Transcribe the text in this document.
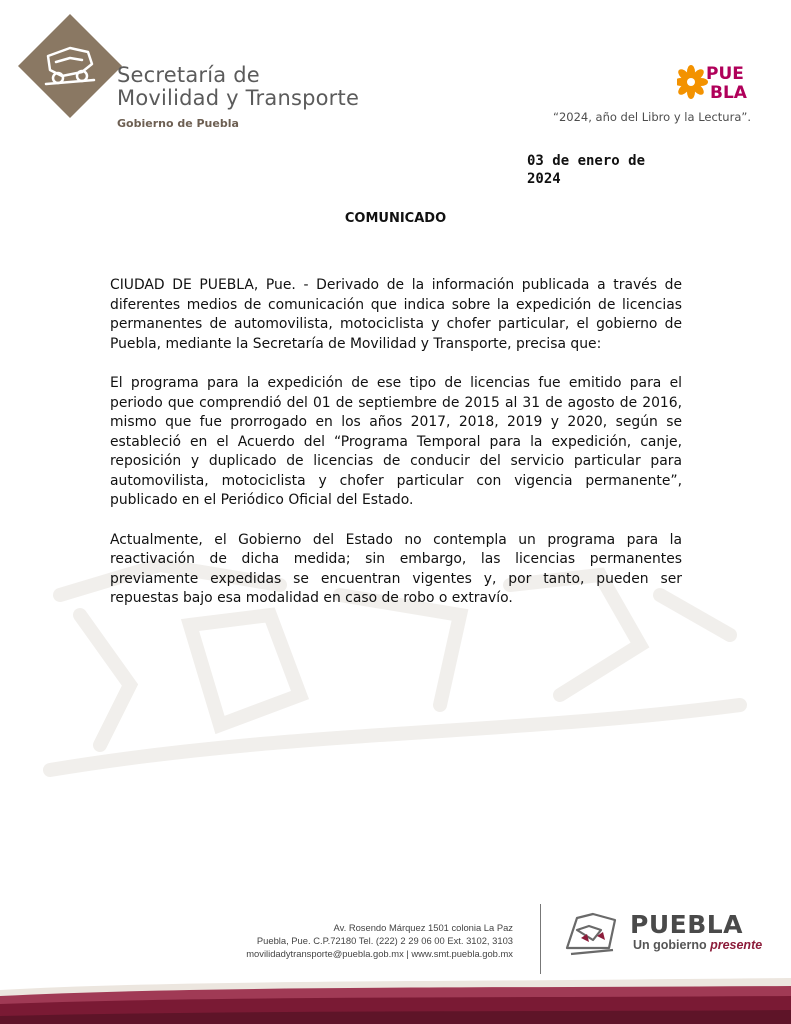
Secretaría de
Movilidad y Transporte
Gobierno de Puebla
PUE
BLA
“2024, año del Libro y la Lectura”.
03 de enero de 2024
COMUNICADO

CIUDAD DE PUEBLA, Pue. - Derivado de la información publicada a través de diferentes medios de comunicación que indica sobre la expedición de licencias permanentes de automovilista, motociclista y chofer particular, el gobierno de Puebla, mediante la Secretaría de Movilidad y Transporte, precisa que:

El programa para la expedición de ese tipo de licencias fue emitido para el periodo que comprendió del 01 de septiembre de 2015 al 31 de agosto de 2016, mismo que fue prorrogado en los años 2017, 2018, 2019 y 2020, según se estableció en el Acuerdo del “Programa Temporal para la expedición, canje, reposición y duplicado de licencias de conducir del servicio particular para automovilista, motociclista y chofer particular con vigencia permanente”, publicado en el Periódico Oficial del Estado.

Actualmente, el Gobierno del Estado no contempla un programa para la reactivación de dicha medida; sin embargo, las licencias permanentes previamente expedidas se encuentran vigentes y, por tanto, pueden ser repuestas bajo esa modalidad en caso de robo o extravío.

Av. Rosendo Márquez 1501 colonia La Paz
Puebla, Pue. C.P.72180 Tel. (222) 2 29 06 00 Ext. 3102, 3103
movilidadytransporte@puebla.gob.mx | www.smt.puebla.gob.mx
PUEBLA
Un gobierno presente
